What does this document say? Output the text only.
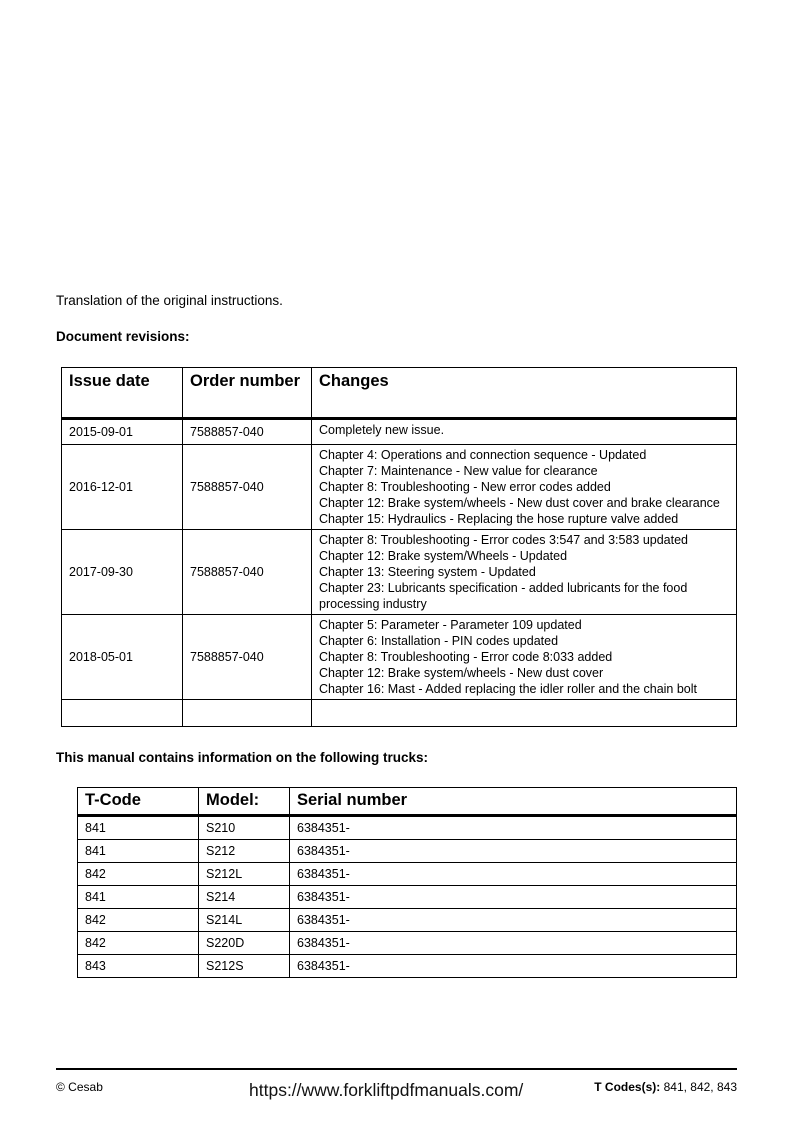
Translation of the original instructions.

Document revisions:

Issue date	Order number	Changes
2015-09-01	7588857-040	Completely new issue.

2016-12-01	7588857-040	Chapter 4: Operations and connection sequence - Updated
Chapter 7: Maintenance - New value for clearance
Chapter 8: Troubleshooting - New error codes added
Chapter 12: Brake system/wheels - New dust cover and brake clearance
Chapter 15: Hydraulics - Replacing the hose rupture valve added

2017-09-30	7588857-040	Chapter 8: Troubleshooting - Error codes 3:547 and 3:583 updated
Chapter 12: Brake system/Wheels - Updated
Chapter 13: Steering system - Updated
Chapter 23: Lubricants specification - added lubricants for the food processing industry

2018-05-01	7588857-040	Chapter 5: Parameter - Parameter 109 updated
Chapter 6: Installation - PIN codes updated
Chapter 8: Troubleshooting - Error code 8:033 added
Chapter 12: Brake system/wheels - New dust cover
Chapter 16: Mast - Added replacing the idler roller and the chain bolt

This manual contains information on the following trucks:

T-Code	Model:	Serial number
841	S210	6384351-
841	S212	6384351-
842	S212L	6384351-
841	S214	6384351-
842	S214L	6384351-
842	S220D	6384351-
843	S212S	6384351-
© Cesab	https://www.forkliftpdfmanuals.com/	T Codes(s): 841, 842, 843
